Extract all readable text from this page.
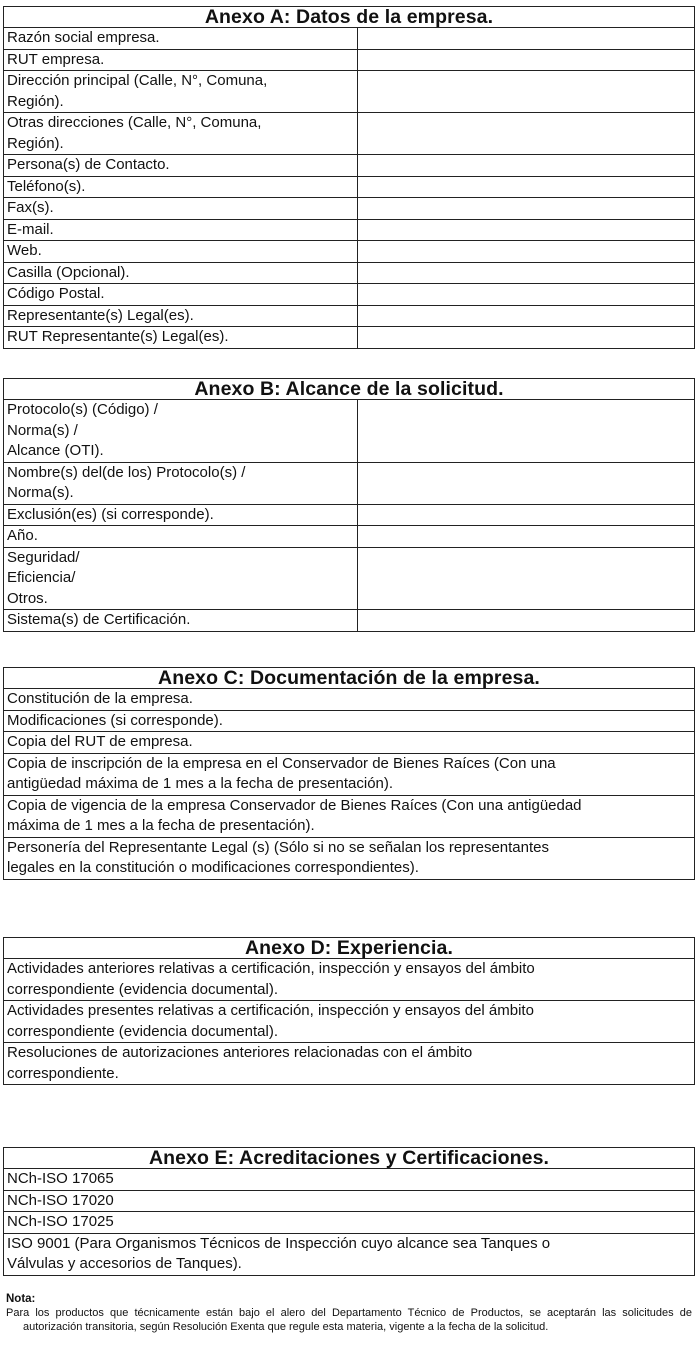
Anexo A: Datos de la empresa.
Razón social empresa.	

RUT empresa.	

Dirección principal (Calle, N°, Comuna,
Región).	

Otras direcciones (Calle, N°, Comuna,
Región).	

Persona(s) de Contacto.	

Teléfono(s).	

Fax(s).	

E-mail.	

Web.	

Casilla (Opcional).	

Código Postal.	

Representante(s) Legal(es).	

RUT Representante(s) Legal(es).	

Anexo B: Alcance de la solicitud.
Protocolo(s) (Código) /
Norma(s) /
Alcance (OTI).	

Nombre(s) del(de los) Protocolo(s) /
Norma(s).	

Exclusión(es) (si corresponde).	

Año.	

Seguridad/
Eficiencia/
Otros.	

Sistema(s) de Certificación.	

Anexo C: Documentación de la empresa.
Constitución de la empresa.
Modificaciones (si corresponde).
Copia del RUT de empresa.
Copia de inscripción de la empresa en el Conservador de Bienes Raíces (Con una
antigüedad máxima de 1 mes a la fecha de presentación).
Copia de vigencia de la empresa Conservador de Bienes Raíces (Con una antigüedad
máxima de 1 mes a la fecha de presentación).
Personería del Representante Legal (s) (Sólo si no se señalan los representantes
legales en la constitución o modificaciones correspondientes).
Anexo D: Experiencia.
Actividades anteriores relativas a certificación, inspección y ensayos del ámbito
correspondiente (evidencia documental).
Actividades presentes relativas a certificación, inspección y ensayos del ámbito
correspondiente (evidencia documental).
Resoluciones de autorizaciones anteriores relacionadas con el ámbito
correspondiente.
Anexo E: Acreditaciones y Certificaciones.
NCh-ISO 17065
NCh-ISO 17020
NCh-ISO 17025
ISO 9001 (Para Organismos Técnicos de Inspección cuyo alcance sea Tanques o
Válvulas y accesorios de Tanques).
Nota:
Para los productos que técnicamente están bajo el alero del Departamento Técnico de Productos, se aceptarán las solicitudes de autorización transitoria, según Resolución Exenta que regule esta materia, vigente a la fecha de la solicitud.
